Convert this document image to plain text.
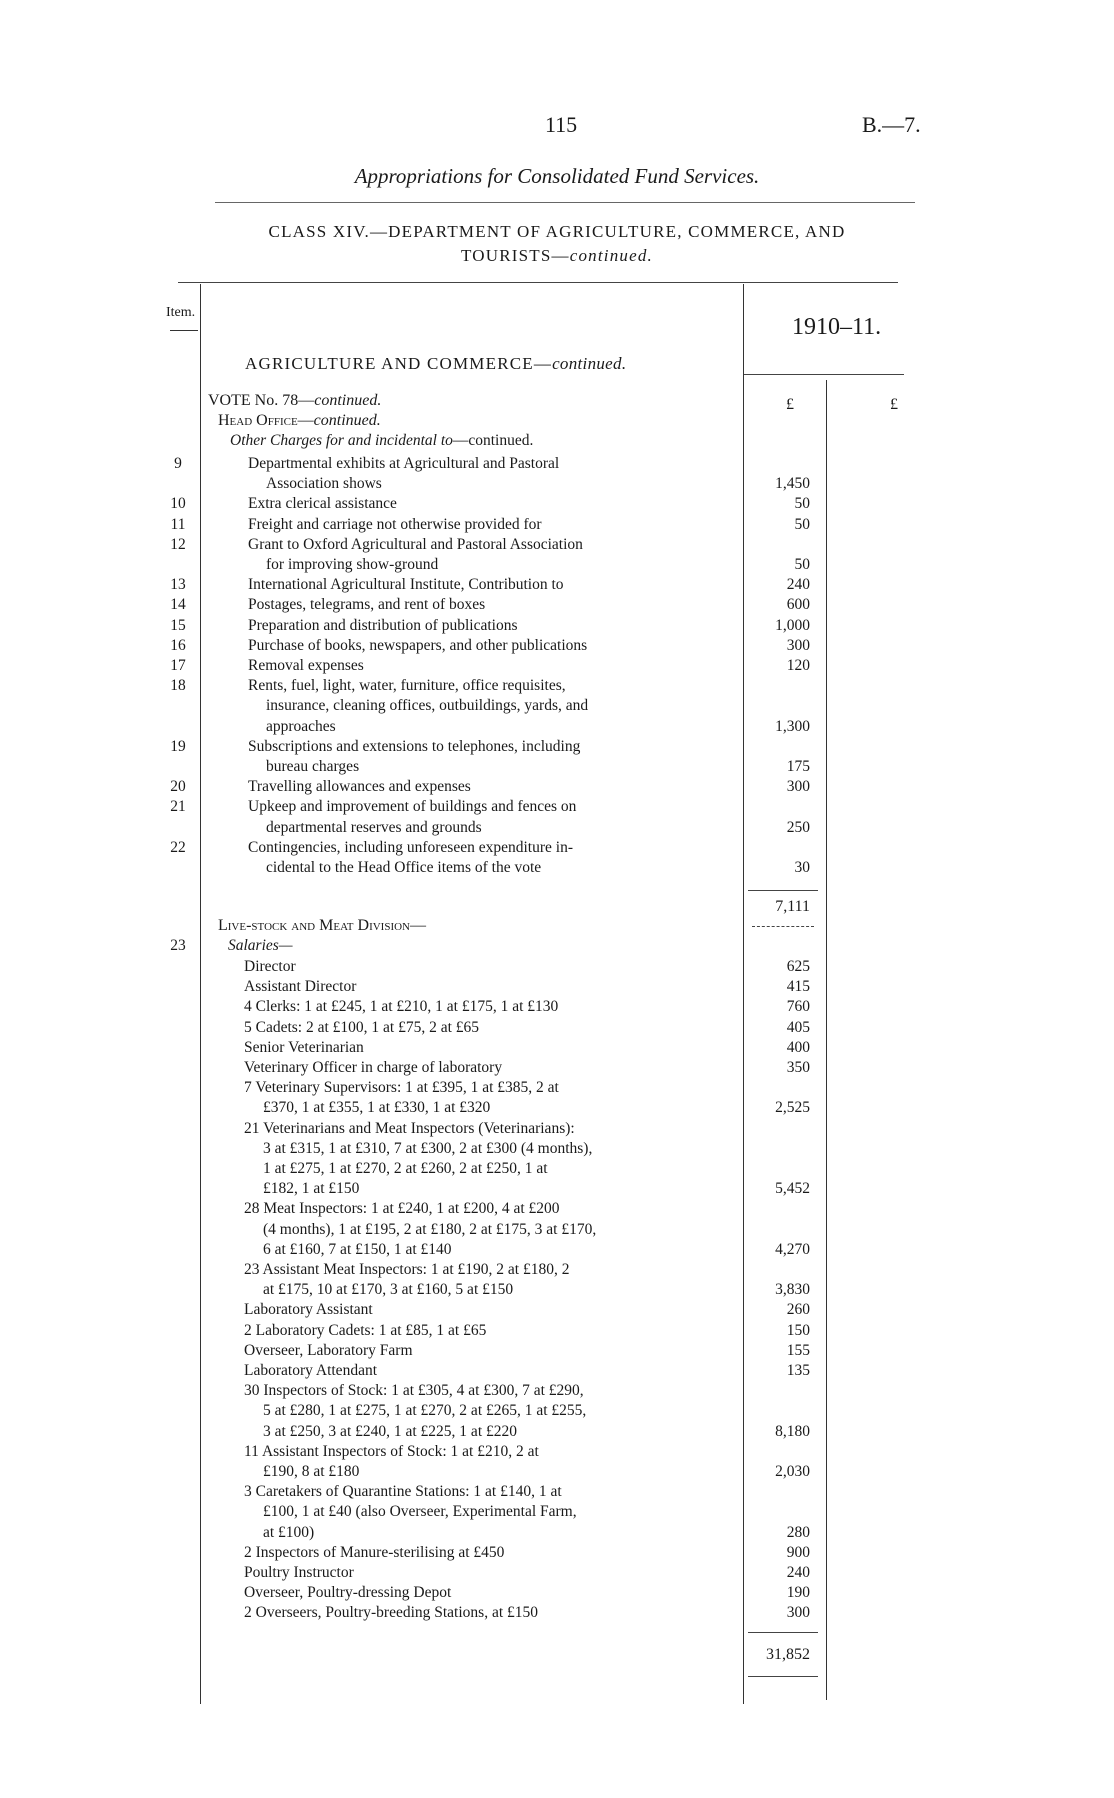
115	B.—7.
Appropriations for Consolidated Fund Services.
CLASS XIV.—DEPARTMENT OF AGRICULTURE, COMMERCE, AND
TOURISTS—continued.
Item.
1910–11.
AGRICULTURE AND COMMERCE—continued.
£	£
VOTE No. 78—continued.
Head Office—continued.
Other Charges for and incidental to—continued.
9	Departmental exhibits at Agricultural and Pastoral
Association shows	1,450
10	Extra clerical assistance	50
11	Freight and carriage not otherwise provided for	50
12	Grant to Oxford Agricultural and Pastoral Association
for improving show-ground	50
13	International Agricultural Institute, Contribution to	240
14	Postages, telegrams, and rent of boxes	600
15	Preparation and distribution of publications	1,000
16	Purchase of books, newspapers, and other publications	300
17	Removal expenses	120
18	Rents, fuel, light, water, furniture, office requisites,
insurance, cleaning offices, outbuildings, yards, and
approaches	1,300
19	Subscriptions and extensions to telephones, including
bureau charges	175
20	Travelling allowances and expenses	300
21	Upkeep and improvement of buildings and fences on
departmental reserves and grounds	250
22	Contingencies, including unforeseen expenditure in-
cidental to the Head Office items of the vote	30
7,111
Live-stock and Meat Division—
23	Salaries—
Director	625
Assistant Director	415
4 Clerks: 1 at £245, 1 at £210, 1 at £175, 1 at £130	760
5 Cadets: 2 at £100, 1 at £75, 2 at £65	405
Senior Veterinarian	400
Veterinary Officer in charge of laboratory	350
7 Veterinary Supervisors: 1 at £395, 1 at £385, 2 at
£370, 1 at £355, 1 at £330, 1 at £320	2,525
21 Veterinarians and Meat Inspectors (Veterinarians):
3 at £315, 1 at £310, 7 at £300, 2 at £300 (4 months),
1 at £275, 1 at £270, 2 at £260, 2 at £250, 1 at
£182, 1 at £150	5,452
28 Meat Inspectors: 1 at £240, 1 at £200, 4 at £200
(4 months), 1 at £195, 2 at £180, 2 at £175, 3 at £170,
6 at £160, 7 at £150, 1 at £140	4,270
23 Assistant Meat Inspectors: 1 at £190, 2 at £180, 2
at £175, 10 at £170, 3 at £160, 5 at £150	3,830
Laboratory Assistant	260
2 Laboratory Cadets: 1 at £85, 1 at £65	150
Overseer, Laboratory Farm	155
Laboratory Attendant	135
30 Inspectors of Stock: 1 at £305, 4 at £300, 7 at £290,
5 at £280, 1 at £275, 1 at £270, 2 at £265, 1 at £255,
3 at £250, 3 at £240, 1 at £225, 1 at £220	8,180
11 Assistant Inspectors of Stock: 1 at £210, 2 at
£190, 8 at £180	2,030
3 Caretakers of Quarantine Stations: 1 at £140, 1 at
£100, 1 at £40 (also Overseer, Experimental Farm,
at £100)	280
2 Inspectors of Manure-sterilising at £450	900
Poultry Instructor	240
Overseer, Poultry-dressing Depot	190
2 Overseers, Poultry-breeding Stations, at £150	300
31,852
